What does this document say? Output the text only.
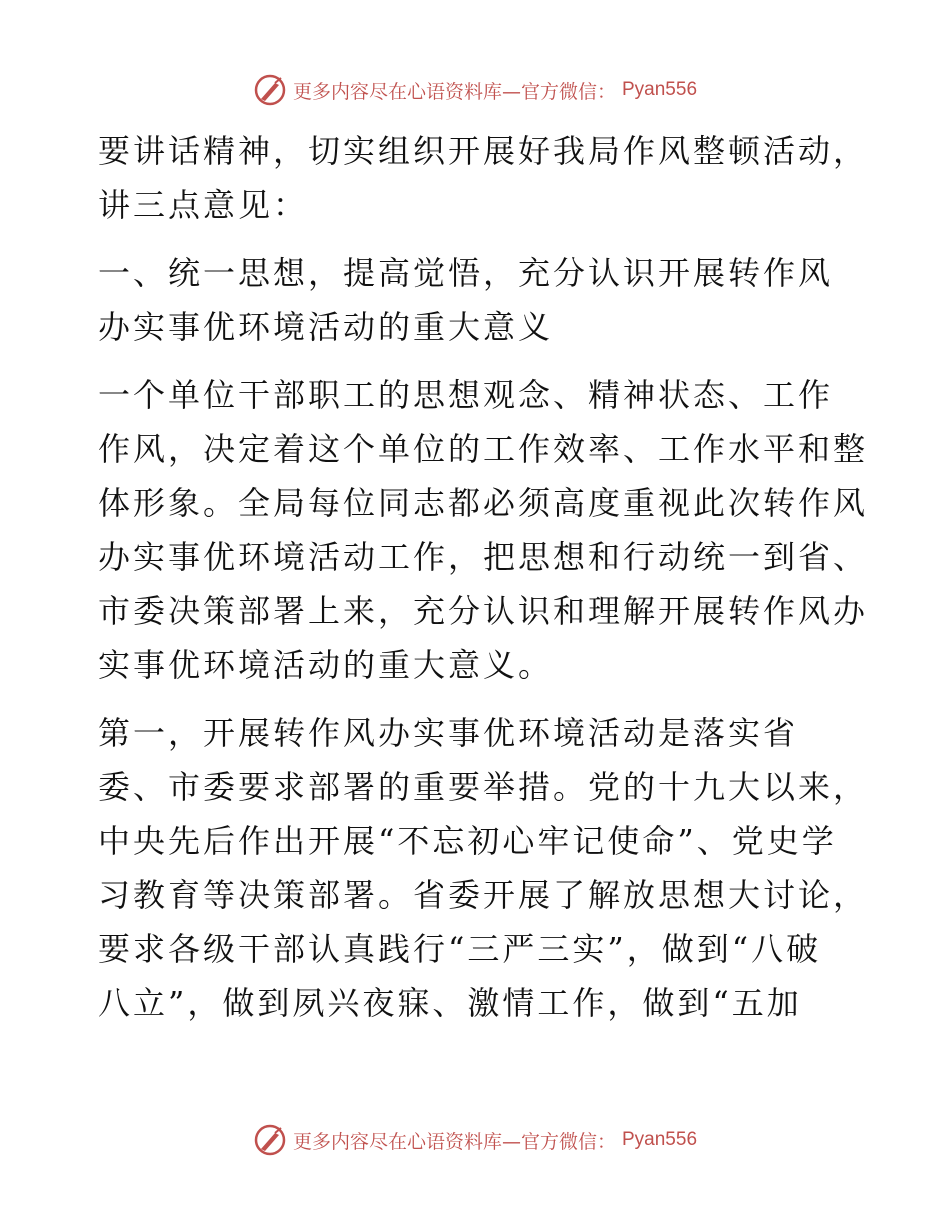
更多内容尽在心语资料库—官方微信： Pyan556

要讲话精神，切实组织开展好我局作风整顿活动，
讲三点意见：

一、统一思想，提高觉悟，充分认识开展转作风
办实事优环境活动的重大意义

一个单位干部职工的思想观念、精神状态、工作
作风，决定着这个单位的工作效率、工作水平和整
体形象。全局每位同志都必须高度重视此次转作风
办实事优环境活动工作，把思想和行动统一到省、
市委决策部署上来，充分认识和理解开展转作风办
实事优环境活动的重大意义。

第一，开展转作风办实事优环境活动是落实省
委、市委要求部署的重要举措。党的十九大以来，
中央先后作出开展“不忘初心牢记使命”、党史学
习教育等决策部署。省委开展了解放思想大讨论，
要求各级干部认真践行“三严三实”，做到“八破
八立”，做到夙兴夜寐、激情工作，做到“五加

更多内容尽在心语资料库—官方微信： Pyan556
